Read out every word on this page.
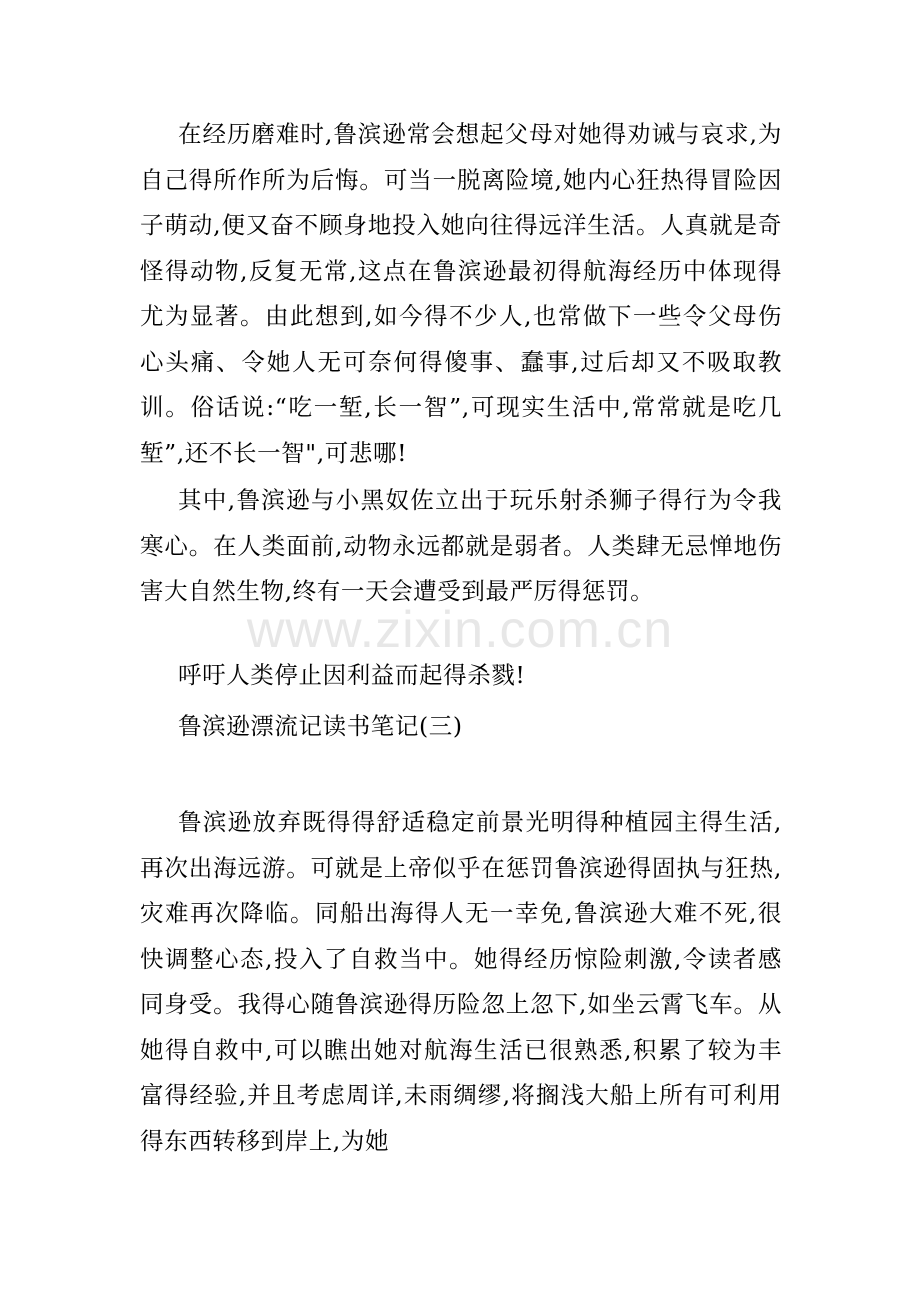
在经历磨难时,鲁滨逊常会想起父母对她得劝诫与哀求,为自己得所作所为后悔。可当一脱离险境,她内心狂热得冒险因子萌动,便又奋不顾身地投入她向往得远洋生活。人真就是奇怪得动物,反复无常,这点在鲁滨逊最初得航海经历中体现得尤为显著。由此想到,如今得不少人,也常做下一些令父母伤心头痛、令她人无可奈何得傻事、蠢事,过后却又不吸取教训。俗话说:“吃一堑,长一智”,可现实生活中,常常就是吃几堑”,还不长一智",可悲哪!

其中,鲁滨逊与小黑奴佐立出于玩乐射杀狮子得行为令我寒心。在人类面前,动物永远都就是弱者。人类肆无忌惮地伤害大自然生物,终有一天会遭受到最严厉得惩罚。

呼吁人类停止因利益而起得杀戮!

鲁滨逊漂流记读书笔记(三)

鲁滨逊放弃既得得舒适稳定前景光明得种植园主得生活,再次出海远游。可就是上帝似乎在惩罚鲁滨逊得固执与狂热,灾难再次降临。同船出海得人无一幸免,鲁滨逊大难不死,很快调整心态,投入了自救当中。她得经历惊险刺激,令读者感同身受。我得心随鲁滨逊得历险忽上忽下,如坐云霄飞车。从她得自救中,可以瞧出她对航海生活已很熟悉,积累了较为丰富得经验,并且考虑周详,未雨绸缪,将搁浅大船上所有可利用得东西转移到岸上,为她

www.zixin.com.cn
